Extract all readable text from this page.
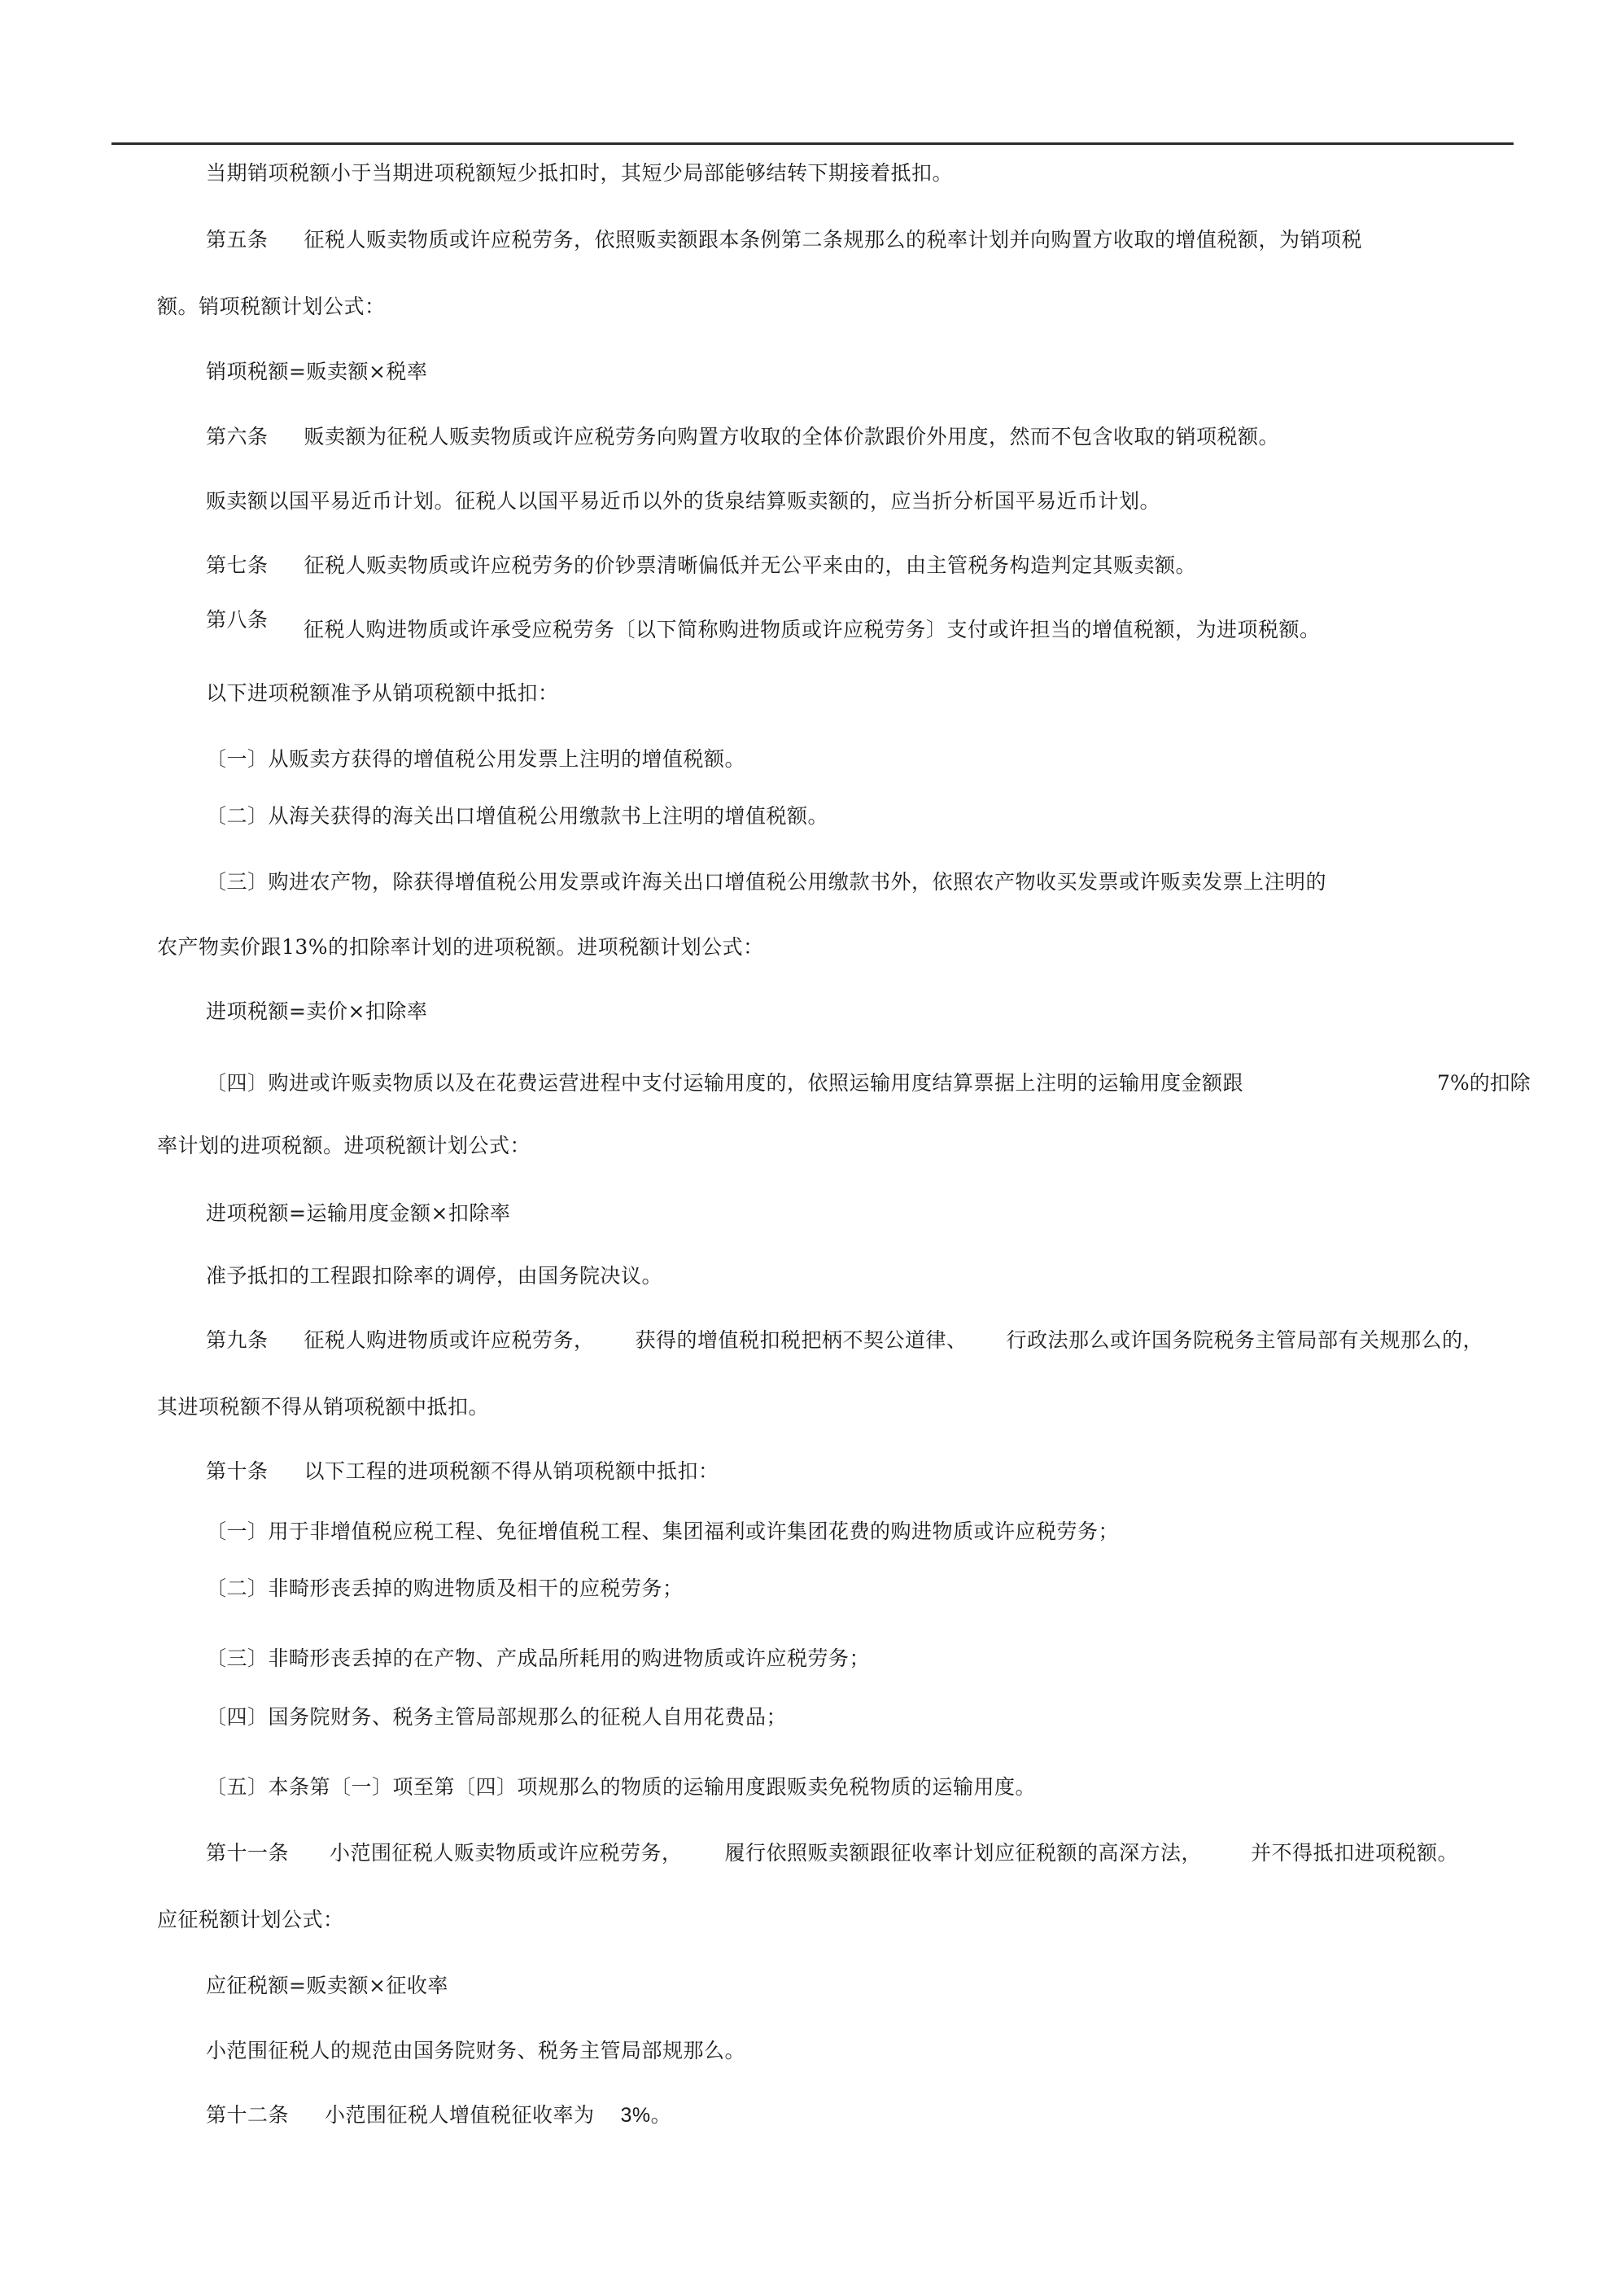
当期销项税额小于当期进项税额短少抵扣时，其短少局部能够结转下期接着抵扣。
第五条 征税人贩卖物质或许应税劳务，依照贩卖额跟本条例第二条规那么的税率计划并向购置方收取的增值税额，为销项税
额。销项税额计划公式：
销项税额=贩卖额×税率
第六条 贩卖额为征税人贩卖物质或许应税劳务向购置方收取的全体价款跟价外用度，然而不包含收取的销项税额。
贩卖额以国平易近币计划。征税人以国平易近币以外的货泉结算贩卖额的，应当折分析国平易近币计划。
第七条 征税人贩卖物质或许应税劳务的价钞票清晰偏低并无公平来由的，由主管税务构造判定其贩卖额。
第八条 征税人购进物质或许承受应税劳务〔以下简称购进物质或许应税劳务〕支付或许担当的增值税额，为进项税额。
以下进项税额准予从销项税额中抵扣：
〔一〕从贩卖方获得的增值税公用发票上注明的增值税额。
〔二〕从海关获得的海关出口增值税公用缴款书上注明的增值税额。
〔三〕购进农产物，除获得增值税公用发票或许海关出口增值税公用缴款书外，依照农产物收买发票或许贩卖发票上注明的
农产物卖价跟13%的扣除率计划的进项税额。进项税额计划公式：
进项税额=卖价×扣除率
〔四〕购进或许贩卖物质以及在花费运营进程中支付运输用度的，依照运输用度结算票据上注明的运输用度金额跟	7%的扣除
率计划的进项税额。进项税额计划公式：
进项税额=运输用度金额×扣除率
准予抵扣的工程跟扣除率的调停，由国务院决议。
第九条 征税人购进物质或许应税劳务， 获得的增值税扣税把柄不契公道律、 行政法那么或许国务院税务主管局部有关规那么的，
其进项税额不得从销项税额中抵扣。
第十条 以下工程的进项税额不得从销项税额中抵扣：
〔一〕用于非增值税应税工程、免征增值税工程、集团福利或许集团花费的购进物质或许应税劳务；
〔二〕非畸形丧丢掉的购进物质及相干的应税劳务；
〔三〕非畸形丧丢掉的在产物、产成品所耗用的购进物质或许应税劳务；
〔四〕国务院财务、税务主管局部规那么的征税人自用花费品；
〔五〕本条第〔一〕项至第〔四〕项规那么的物质的运输用度跟贩卖免税物质的运输用度。
第十一条 小范围征税人贩卖物质或许应税劳务， 履行依照贩卖额跟征收率计划应征税额的高深方法， 并不得抵扣进项税额。
应征税额计划公式：
应征税额=贩卖额×征收率
小范围征税人的规范由国务院财务、税务主管局部规那么。
第十二条 小范围征税人增值税征收率为 3%。
